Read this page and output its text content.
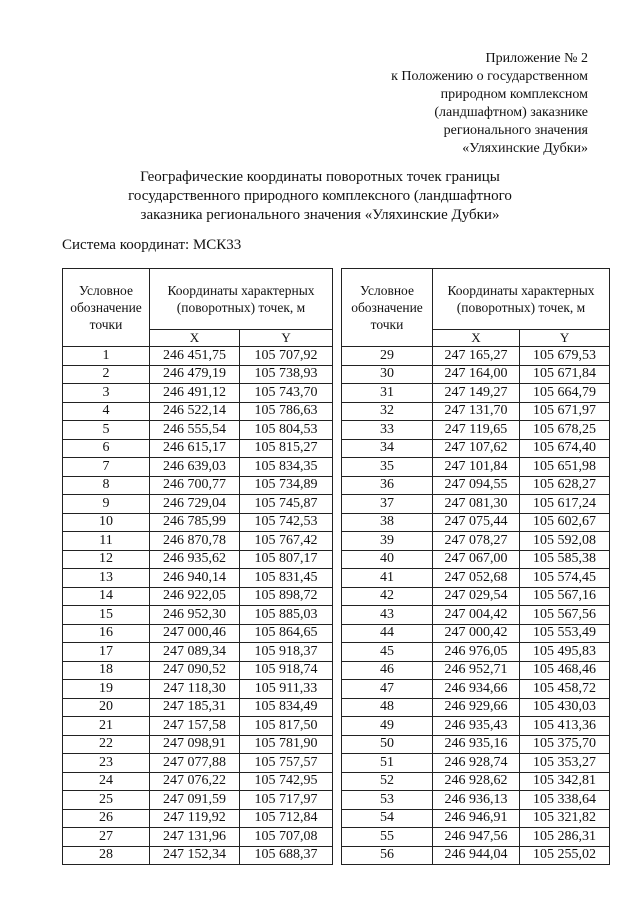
Приложение № 2
к Положению о государственном
природном комплексном
(ландшафтном) заказнике
регионального значения
«Уляхинские Дубки»
Географические координаты поворотных точек границы
государственного природного комплексного (ландшафтного
заказника регионального значения «Уляхинские Дубки»
Система координат: МСК33
Условное обозначение точки	Координаты характерных (поворотных) точек, м	
	X	Y
1	246 451,75	105 707,92
2	246 479,19	105 738,93
3	246 491,12	105 743,70
4	246 522,14	105 786,63
5	246 555,54	105 804,53
6	246 615,17	105 815,27
7	246 639,03	105 834,35
8	246 700,77	105 734,89
9	246 729,04	105 745,87
10	246 785,99	105 742,53
11	246 870,78	105 767,42
12	246 935,62	105 807,17
13	246 940,14	105 831,45
14	246 922,05	105 898,72
15	246 952,30	105 885,03
16	247 000,46	105 864,65
17	247 089,34	105 918,37
18	247 090,52	105 918,74
19	247 118,30	105 911,33
20	247 185,31	105 834,49
21	247 157,58	105 817,50
22	247 098,91	105 781,90
23	247 077,88	105 757,57
24	247 076,22	105 742,95
25	247 091,59	105 717,97
26	247 119,92	105 712,84
27	247 131,96	105 707,08
28	247 152,34	105 688,37
Условное обозначение точки	Координаты характерных (поворотных) точек, м	
	X	Y
29	247 165,27	105 679,53
30	247 164,00	105 671,84
31	247 149,27	105 664,79
32	247 131,70	105 671,97
33	247 119,65	105 678,25
34	247 107,62	105 674,40
35	247 101,84	105 651,98
36	247 094,55	105 628,27
37	247 081,30	105 617,24
38	247 075,44	105 602,67
39	247 078,27	105 592,08
40	247 067,00	105 585,38
41	247 052,68	105 574,45
42	247 029,54	105 567,16
43	247 004,42	105 567,56
44	247 000,42	105 553,49
45	246 976,05	105 495,83
46	246 952,71	105 468,46
47	246 934,66	105 458,72
48	246 929,66	105 430,03
49	246 935,43	105 413,36
50	246 935,16	105 375,70
51	246 928,74	105 353,27
52	246 928,62	105 342,81
53	246 936,13	105 338,64
54	246 946,91	105 321,82
55	246 947,56	105 286,31
56	246 944,04	105 255,02
